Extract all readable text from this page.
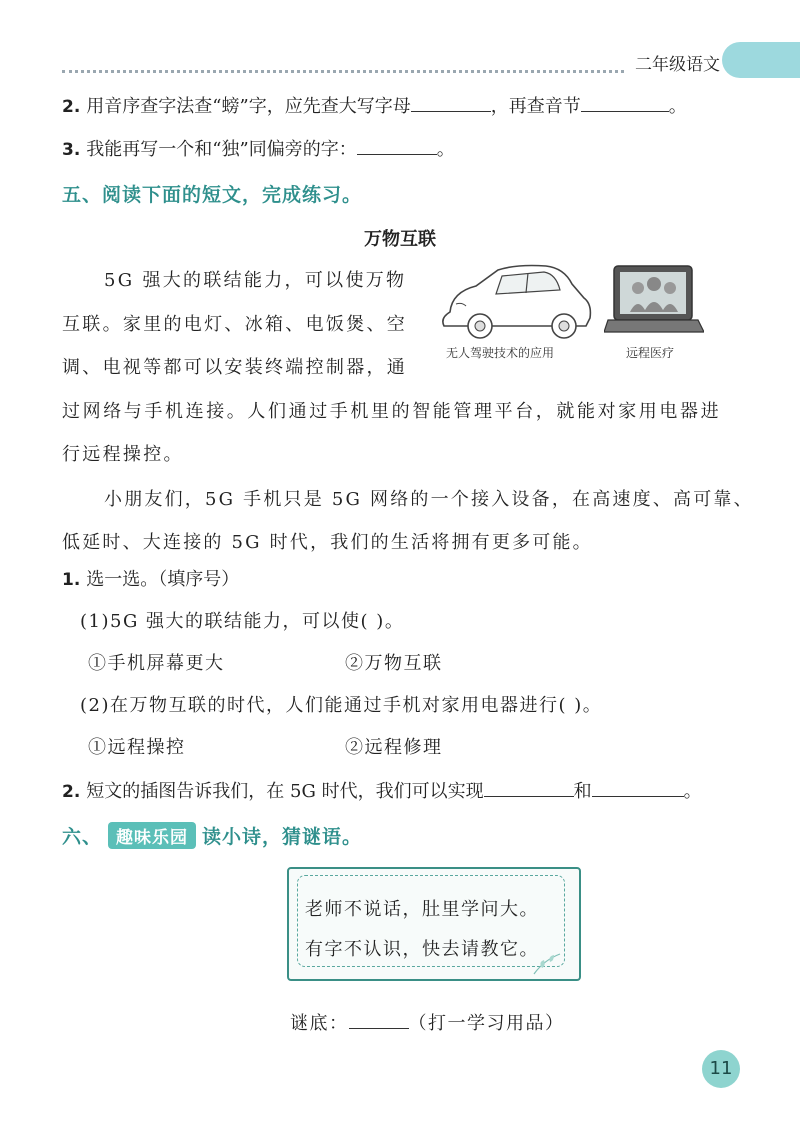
二年级语文
2. 用音序查字法查“螃”字，应先查大写字母	，再查音节	。
3. 我能再写一个和“独”同偏旁的字：	。
五、阅读下面的短文，完成练习。
万物互联
5G 强大的联结能力，可以使万物
互联。家里的电灯、冰箱、电饭煲、空
调、电视等都可以安装终端控制器，通
过网络与手机连接。人们通过手机里的智能管理平台，就能对家用电器进
行远程操控。
小朋友们，5G 手机只是 5G 网络的一个接入设备，在高速度、高可靠、
低延时、大连接的 5G 时代，我们的生活将拥有更多可能。
无人驾驶技术的应用	远程医疗
1. 选一选。（填序号）
(1)5G 强大的联结能力，可以使( )。
①手机屏幕更大	②万物互联
(2)在万物互联的时代，人们能通过手机对家用电器进行( )。
①远程操控	②远程修理
2. 短文的插图告诉我们，在 5G 时代，我们可以实现	和	。
六、 趣味乐园 读小诗，猜谜语。
老师不说话，肚里学问大。
有字不认识，快去请教它。
谜底：	（打一学习用品）
11
